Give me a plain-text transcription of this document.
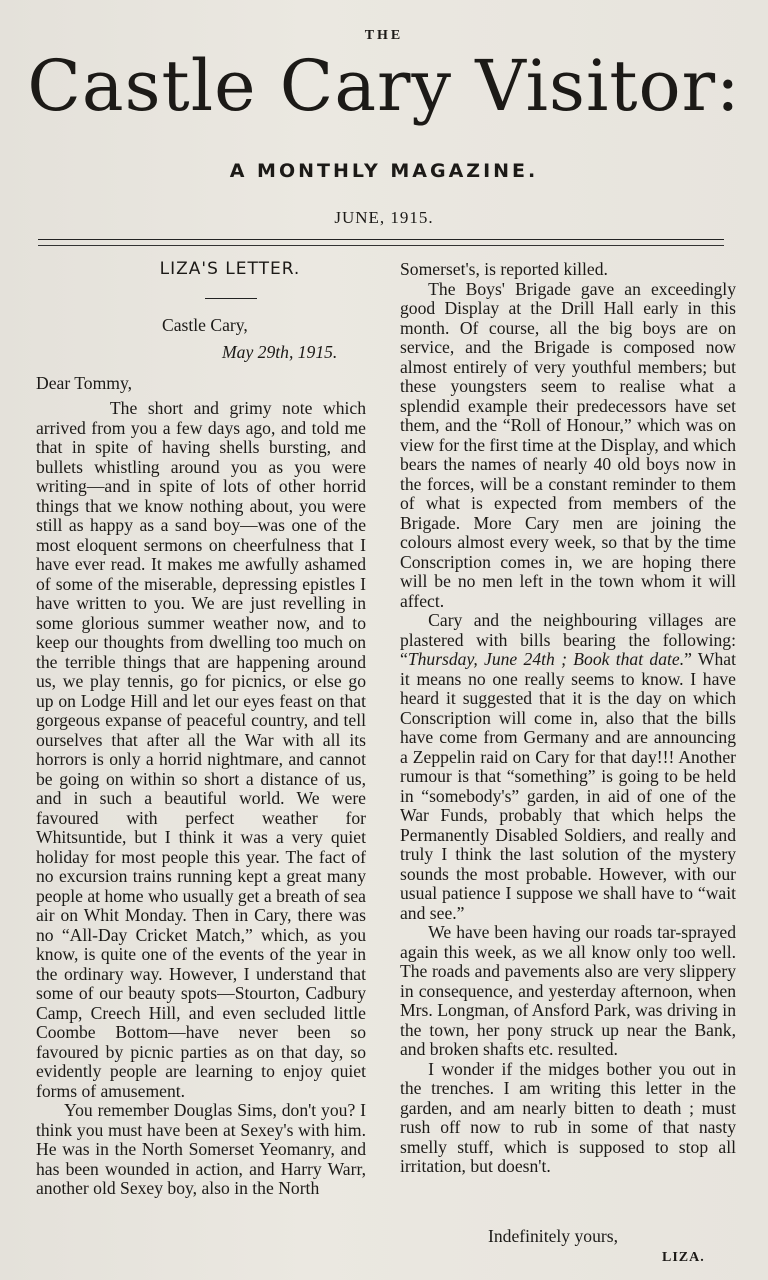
THE
Castle Cary Visitor:
A MONTHLY MAGAZINE.
JUNE, 1915.
LIZA'S LETTER.
Castle Cary,
May 29th, 1915.
Dear Tommy,

The short and grimy note which arrived from you a few days ago, and told me that in spite of having shells bursting, and bullets whistling around you as you were writing—and in spite of lots of other horrid things that we know nothing about, you were still as happy as a sand boy—was one of the most eloquent sermons on cheerfulness that I have ever read. It makes me awfully ashamed of some of the miserable, depressing epistles I have written to you. We are just revelling in some glorious summer weather now, and to keep our thoughts from dwelling too much on the terrible things that are happening around us, we play tennis, go for picnics, or else go up on Lodge Hill and let our eyes feast on that gorgeous expanse of peaceful country, and tell ourselves that after all the War with all its horrors is only a horrid nightmare, and cannot be going on within so short a distance of us, and in such a beautiful world. We were favoured with perfect weather for Whitsuntide, but I think it was a very quiet holiday for most people this year. The fact of no excursion trains running kept a great many people at home who usually get a breath of sea air on Whit Monday. Then in Cary, there was no “All-Day Cricket Match,” which, as you know, is quite one of the events of the year in the ordinary way. However, I understand that some of our beauty spots—Stourton, Cadbury Camp, Creech Hill, and even secluded little Coombe Bottom—have never been so favoured by picnic parties as on that day, so evidently people are learning to enjoy quiet forms of amusement.

You remember Douglas Sims, don't you? I think you must have been at Sexey's with him. He was in the North Somerset Yeomanry, and has been wounded in action, and Harry Warr, another old Sexey boy, also in the North

Somerset's, is reported killed.

The Boys' Brigade gave an exceedingly good Display at the Drill Hall early in this month. Of course, all the big boys are on service, and the Brigade is composed now almost entirely of very youthful members; but these youngsters seem to realise what a splendid example their predecessors have set them, and the “Roll of Honour,” which was on view for the first time at the Display, and which bears the names of nearly 40 old boys now in the forces, will be a constant reminder to them of what is expected from members of the Brigade. More Cary men are joining the colours almost every week, so that by the time Conscription comes in, we are hoping there will be no men left in the town whom it will affect.

Cary and the neighbouring villages are plastered with bills bearing the following: “Thursday, June 24th ; Book that date.” What it means no one really seems to know. I have heard it suggested that it is the day on which Conscription will come in, also that the bills have come from Germany and are announcing a Zeppelin raid on Cary for that day!!! Another rumour is that “something” is going to be held in “somebody's” garden, in aid of one of the War Funds, probably that which helps the Permanently Disabled Soldiers, and really and truly I think the last solution of the mystery sounds the most probable. However, with our usual patience I suppose we shall have to “wait and see.”

We have been having our roads tar-sprayed again this week, as we all know only too well. The roads and pavements also are very slippery in consequence, and yesterday afternoon, when Mrs. Longman, of Ansford Park, was driving in the town, her pony struck up near the Bank, and broken shafts etc. resulted.

I wonder if the midges bother you out in the trenches. I am writing this letter in the garden, and am nearly bitten to death ; must rush off now to rub in some of that nasty smelly stuff, which is supposed to stop all irritation, but doesn't.

Indefinitely yours,
LIZA.
